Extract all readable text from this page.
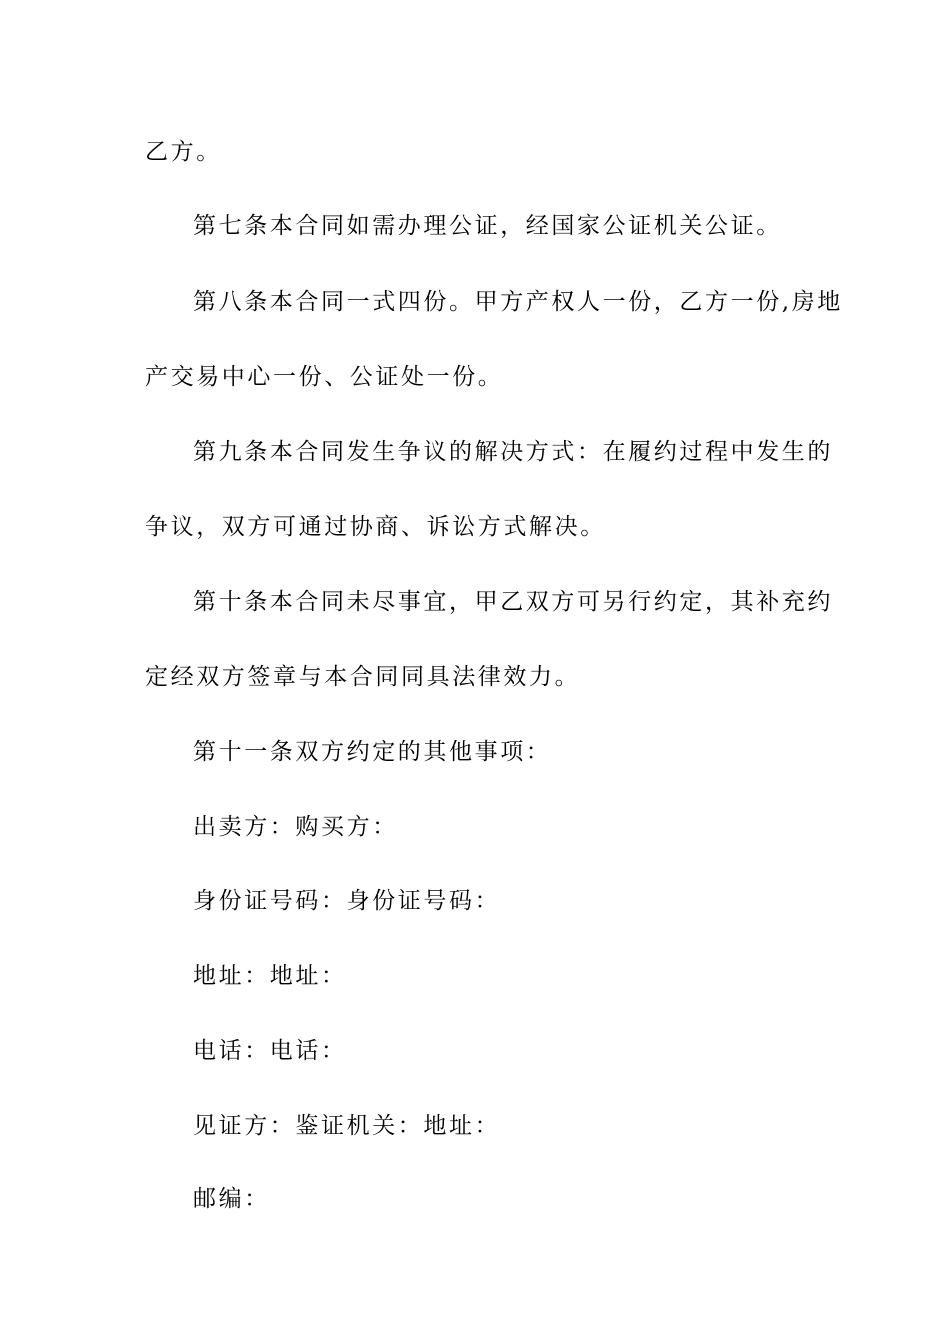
乙方。
第七条本合同如需办理公证，经国家公证机关公证。
第八条本合同一式四份。甲方产权人一份，乙方一份,房地
产交易中心一份、公证处一份。
第九条本合同发生争议的解决方式：在履约过程中发生的
争议，双方可通过协商、诉讼方式解决。
第十条本合同未尽事宜，甲乙双方可另行约定，其补充约
定经双方签章与本合同同具法律效力。
第十一条双方约定的其他事项：
出卖方：购买方：
身份证号码：身份证号码：
地址：地址：
电话：电话：
见证方：鉴证机关：地址：
邮编：
